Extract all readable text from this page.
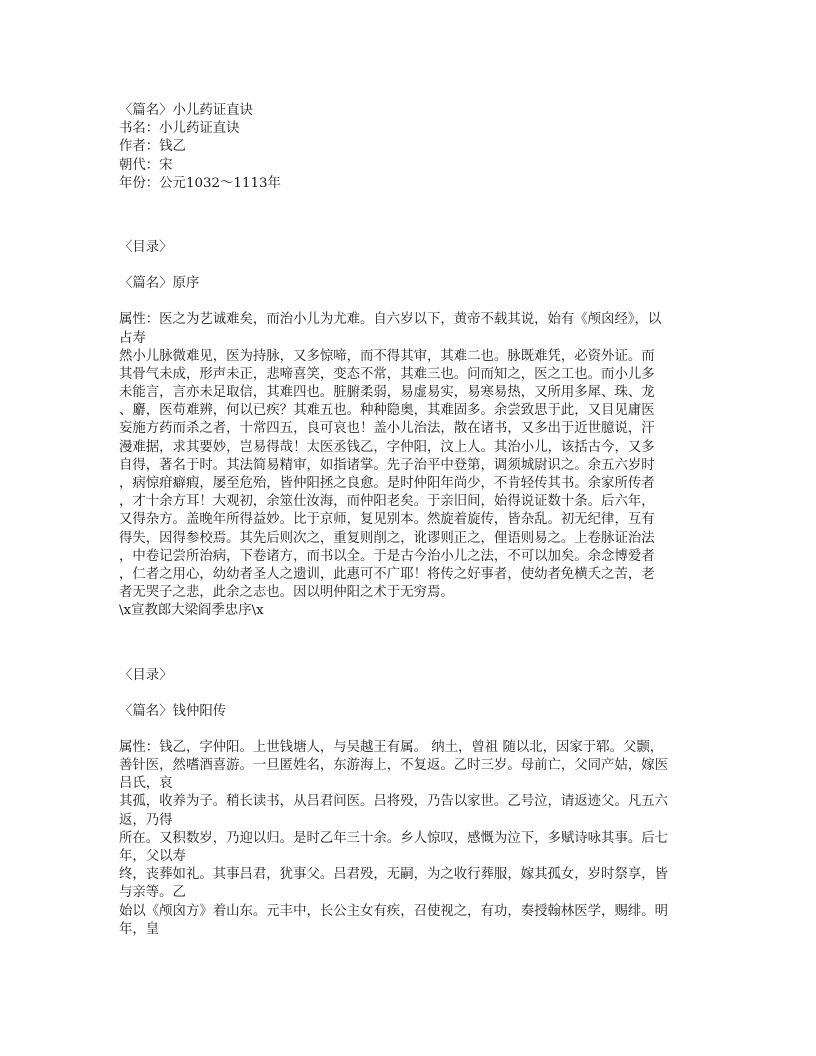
〈篇名〉小儿药证直诀
书名：小儿药证直诀
作者：钱乙
朝代：宋
年份：公元1032～1113年
〈目录〉
〈篇名〉原序
属性：医之为艺诚难矣，而治小儿为尤难。自六岁以下，黄帝不载其说，始有《颅囟经》，以
占寿
然小儿脉微难见，医为持脉，又多惊啼，而不得其审，其难二也。脉既难凭，必资外证。而
其骨气未成，形声未正，悲啼喜笑，变态不常，其难三也。问而知之，医之工也。而小儿多
未能言，言亦未足取信，其难四也。脏腑柔弱，易虚易实，易寒易热，又所用多犀、珠、龙
、麝，医苟难辨，何以已疾？其难五也。种种隐奥，其难固多。余尝致思于此，又目见庸医
妄施方药而杀之者，十常四五，良可哀也！盖小儿治法，散在诸书，又多出于近世臆说，汗
漫难据，求其要妙，岂易得哉！太医丞钱乙，字仲阳，汶上人。其治小儿，该括古今，又多
自得，著名于时。其法简易精审，如指诸掌。先子治平中登第，调须城尉识之。余五六岁时
，病惊疳癖瘕，屡至危殆，皆仲阳拯之良愈。是时仲阳年尚少，不肯轻传其书。余家所传者
，才十余方耳！大观初，余筮仕汝海，而仲阳老矣。于亲旧间，始得说证数十条。后六年，
又得杂方。盖晚年所得益妙。比于京师，复见别本。然旋着旋传，皆杂乱。初无纪律，互有
得失，因得参校焉。其先后则次之，重复则削之，讹谬则正之，俚语则易之。上卷脉证治法
，中卷记尝所治病，下卷诸方，而书以全。于是古今治小儿之法，不可以加矣。余念博爱者
，仁者之用心，幼幼者圣人之遗训，此惠可不广耶！将传之好事者，使幼者免横夭之苦，老
者无哭子之悲，此余之志也。因以明仲阳之术于无穷焉。
\x宣教郎大梁阎季忠序\x
〈目录〉
〈篇名〉钱仲阳传
属性：钱乙，字仲阳。上世钱塘人，与吴越王有属。 纳土，曾祖 随以北，因家于郓。父颢，
善针医，然嗜酒喜游。一旦匿姓名，东游海上，不复返。乙时三岁。母前亡，父同产姑，嫁医
吕氏，哀
其孤，收养为子。稍长读书，从吕君问医。吕将殁，乃告以家世。乙号泣，请返迹父。凡五六
返，乃得
所在。又积数岁，乃迎以归。是时乙年三十余。乡人惊叹，感慨为泣下，多赋诗咏其事。后七
年，父以寿
终，丧葬如礼。其事吕君，犹事父。吕君殁，无嗣，为之收行葬服，嫁其孤女，岁时祭享，皆
与亲等。乙
始以《颅囟方》着山东。元丰中，长公主女有疾，召使视之，有功，奏授翰林医学，赐绯。明
年，皇
